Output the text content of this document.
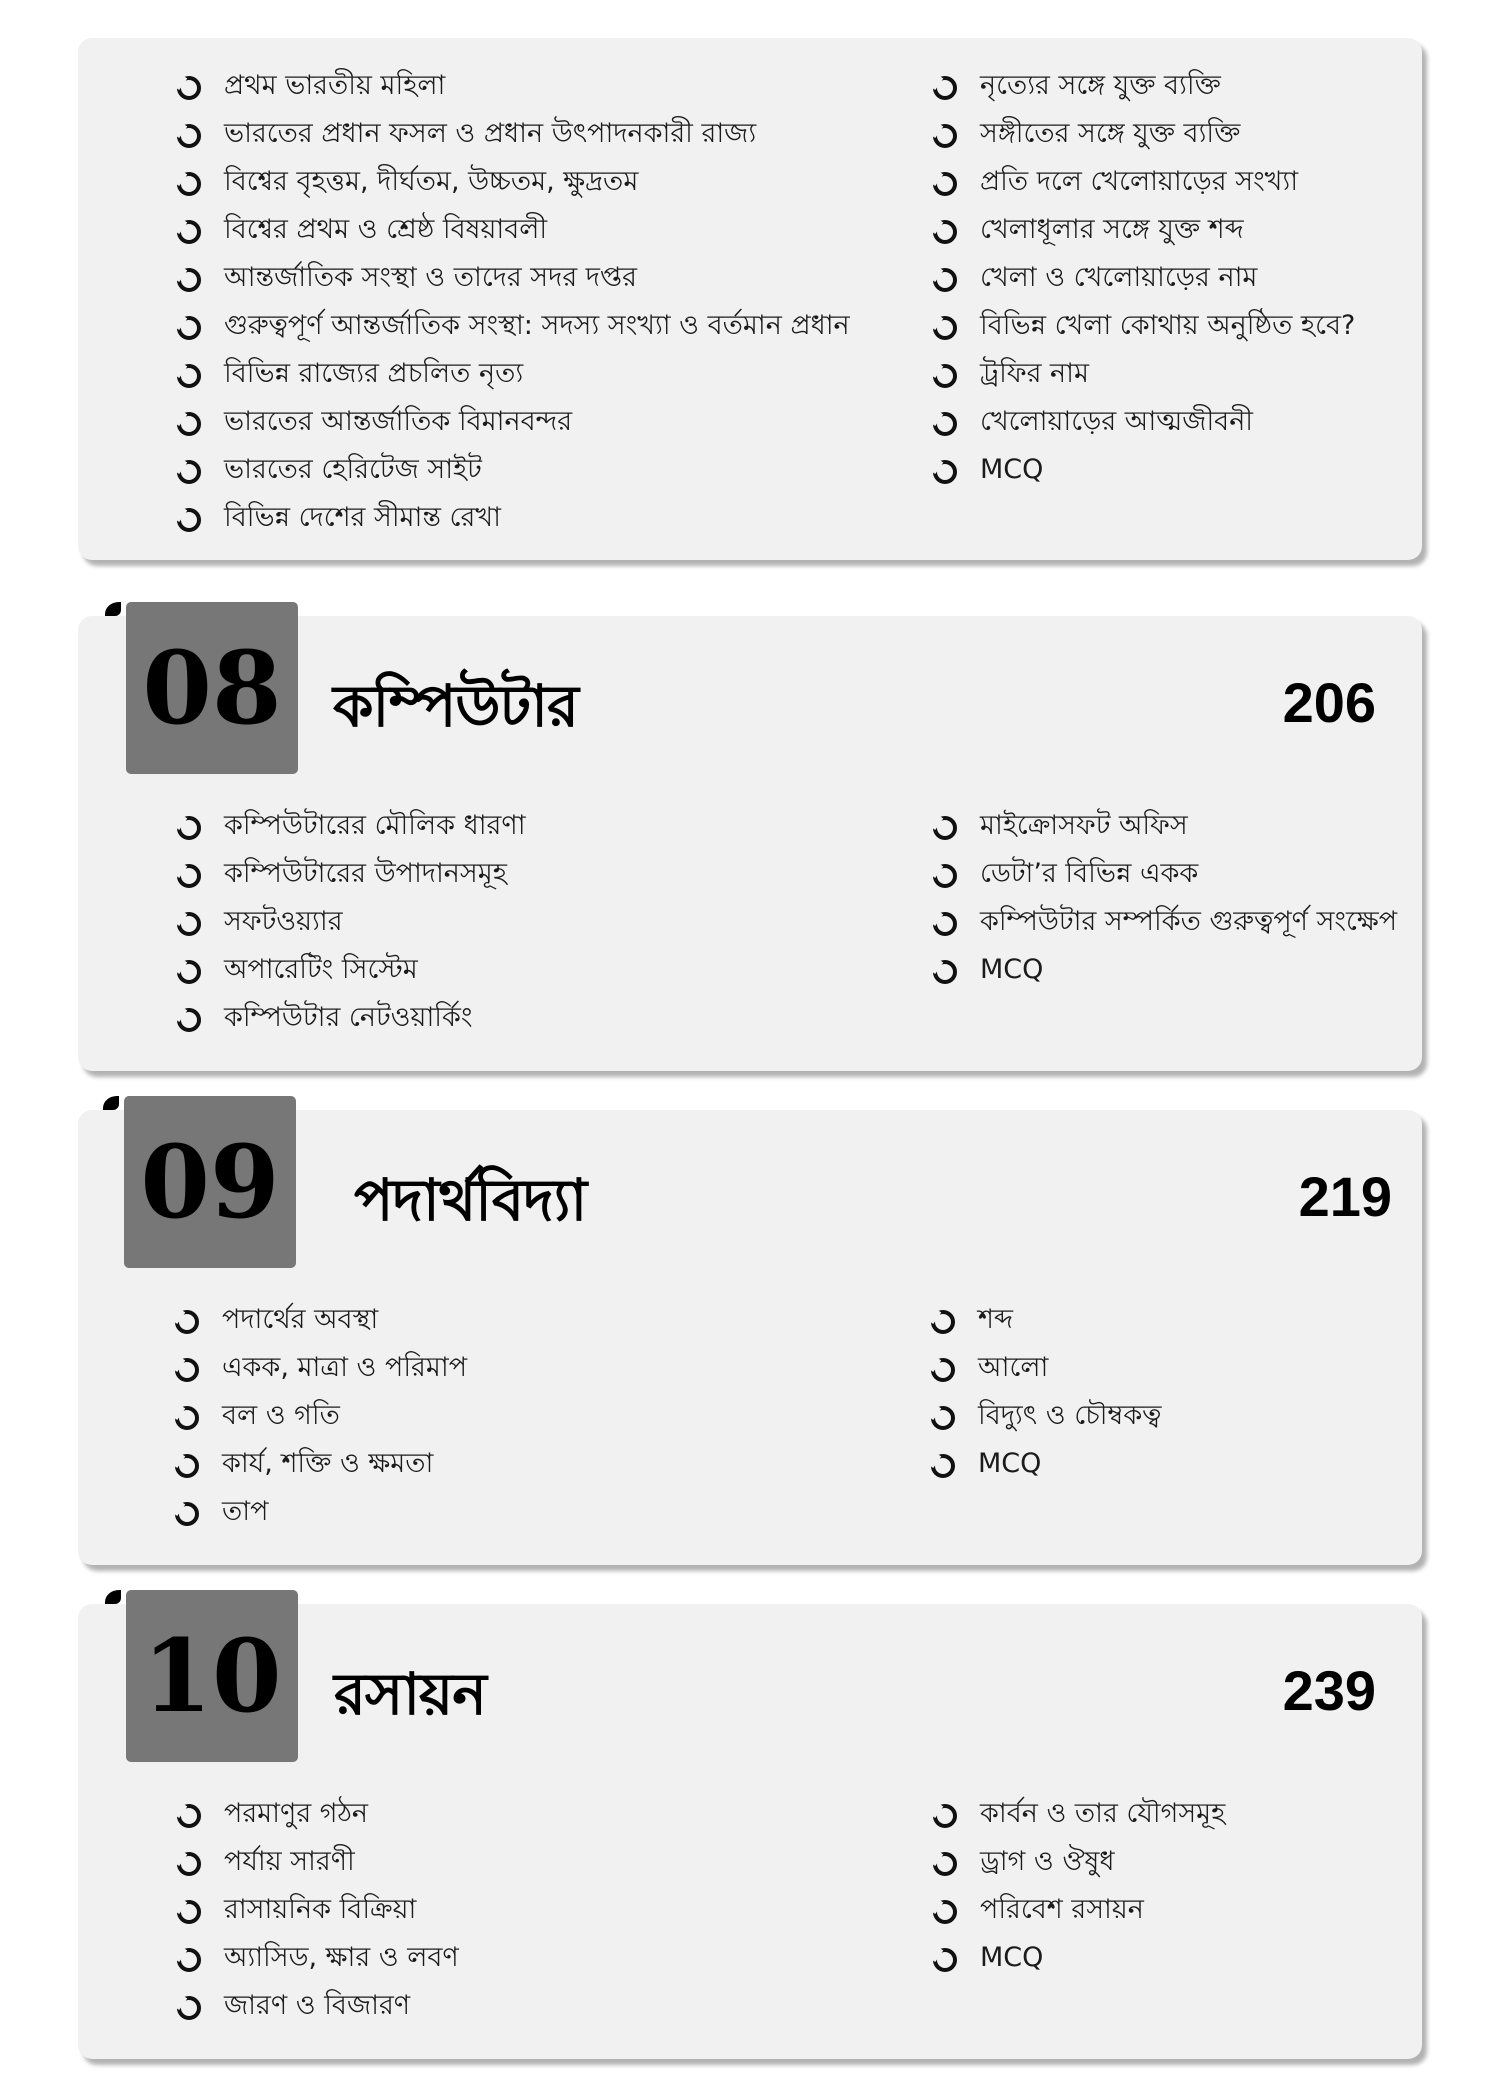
প্রথম ভারতীয় মহিলা
ভারতের প্রধান ফসল ও প্রধান উৎপাদনকারী রাজ্য
বিশ্বের বৃহত্তম, দীর্ঘতম, উচ্চতম, ক্ষুদ্রতম
বিশ্বের প্রথম ও শ্রেষ্ঠ বিষয়াবলী
আন্তর্জাতিক সংস্থা ও তাদের সদর দপ্তর
গুরুত্বপূর্ণ আন্তর্জাতিক সংস্থা: সদস্য সংখ্যা ও বর্তমান প্রধান
বিভিন্ন রাজ্যের প্রচলিত নৃত্য
ভারতের আন্তর্জাতিক বিমানবন্দর
ভারতের হেরিটেজ সাইট
বিভিন্ন দেশের সীমান্ত রেখা
নৃত্যের সঙ্গে যুক্ত ব্যক্তি
সঙ্গীতের সঙ্গে যুক্ত ব্যক্তি
প্রতি দলে খেলোয়াড়ের সংখ্যা
খেলাধূলার সঙ্গে যুক্ত শব্দ
খেলা ও খেলোয়াড়ের নাম
বিভিন্ন খেলা কোথায় অনুষ্ঠিত হবে?
ট্রফির নাম
খেলোয়াড়ের আত্মজীবনী
MCQ
08 কম্পিউটার	206
কম্পিউটারের মৌলিক ধারণা
কম্পিউটারের উপাদানসমূহ
সফটওয়্যার
অপারেটিং সিস্টেম
কম্পিউটার নেটওয়ার্কিং
মাইক্রোসফট অফিস
ডেটা’র বিভিন্ন একক
কম্পিউটার সম্পর্কিত গুরুত্বপূর্ণ সংক্ষেপ
MCQ
09 পদার্থবিদ্যা	219
পদার্থের অবস্থা
একক, মাত্রা ও পরিমাপ
বল ও গতি
কার্য, শক্তি ও ক্ষমতা
তাপ
শব্দ
আলো
বিদ্যুৎ ও চৌম্বকত্ব
MCQ
10 রসায়ন	239
পরমাণুর গঠন
পর্যায় সারণী
রাসায়নিক বিক্রিয়া
অ্যাসিড, ক্ষার ও লবণ
জারণ ও বিজারণ
কার্বন ও তার যৌগসমূহ
ড্রাগ ও ঔষুধ
পরিবেশ রসায়ন
MCQ
